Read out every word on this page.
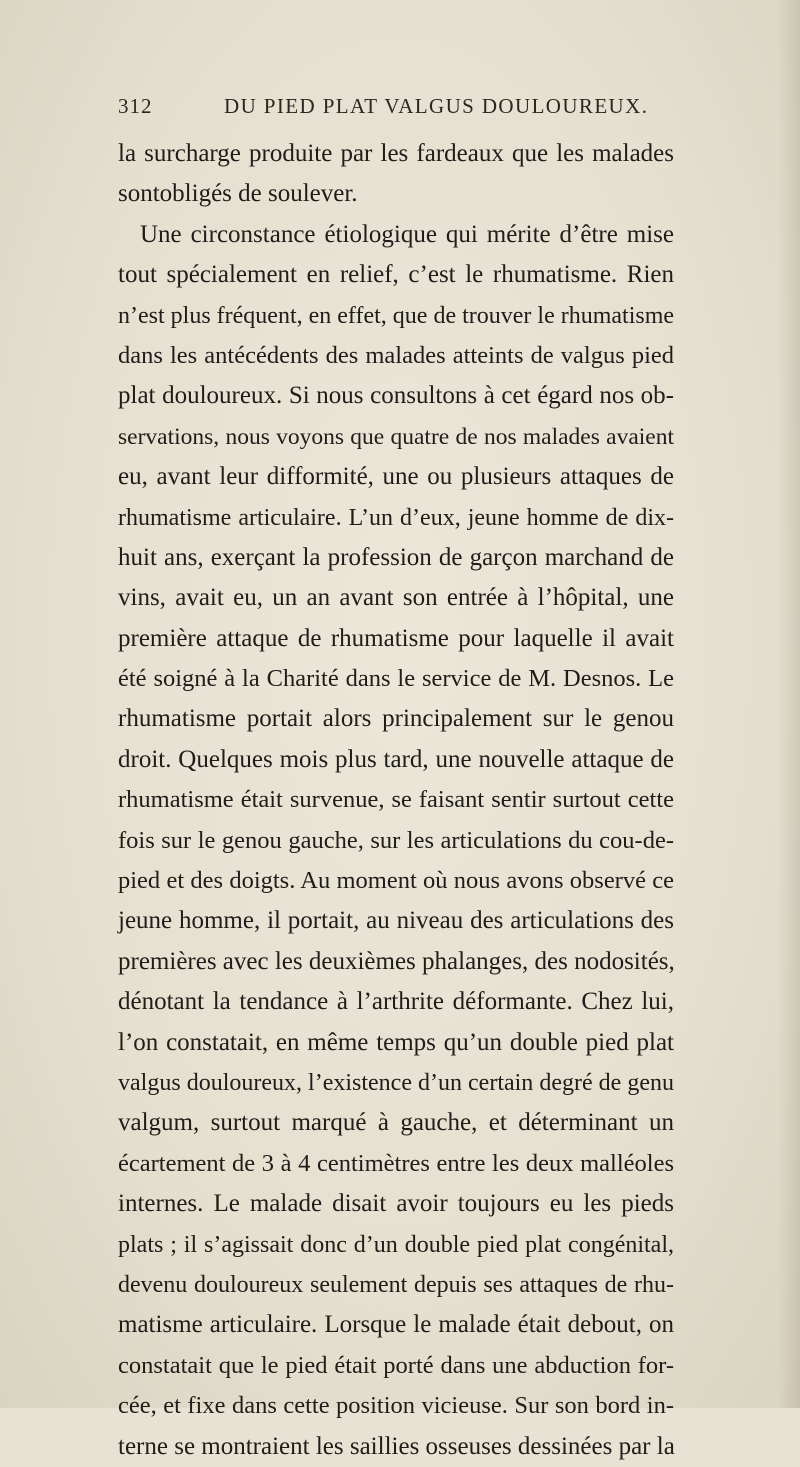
312	DU PIED PLAT VALGUS DOULOUREUX.
la surcharge produite par les fardeaux que les malades
sontobligés de soulever.
Une circonstance étiologique qui mérite d’être mise
tout spécialement en relief, c’est le rhumatisme. Rien
n’est plus fréquent, en effet, que de trouver le rhumatisme
dans les antécédents des malades atteints de valgus pied
plat douloureux. Si nous consultons à cet égard nos ob-
servations, nous voyons que quatre de nos malades avaient
eu, avant leur difformité, une ou plusieurs attaques de
rhumatisme articulaire. L’un d’eux, jeune homme de dix-
huit ans, exerçant la profession de garçon marchand de
vins, avait eu, un an avant son entrée à l’hôpital, une
première attaque de rhumatisme pour laquelle il avait
été soigné à la Charité dans le service de M. Desnos. Le
rhumatisme portait alors principalement sur le genou
droit. Quelques mois plus tard, une nouvelle attaque de
rhumatisme était survenue, se faisant sentir surtout cette
fois sur le genou gauche, sur les articulations du cou-de-
pied et des doigts. Au moment où nous avons observé ce
jeune homme, il portait, au niveau des articulations des
premières avec les deuxièmes phalanges, des nodosités,
dénotant la tendance à l’arthrite déformante. Chez lui,
l’on constatait, en même temps qu’un double pied plat
valgus douloureux, l’existence d’un certain degré de genu
valgum, surtout marqué à gauche, et déterminant un
écartement de 3 à 4 centimètres entre les deux malléoles
internes. Le malade disait avoir toujours eu les pieds
plats ; il s’agissait donc d’un double pied plat congénital,
devenu douloureux seulement depuis ses attaques de rhu-
matisme articulaire. Lorsque le malade était debout, on
constatait que le pied était porté dans une abduction for-
cée, et fixe dans cette position vicieuse. Sur son bord in-
terne se montraient les saillies osseuses dessinées par la
